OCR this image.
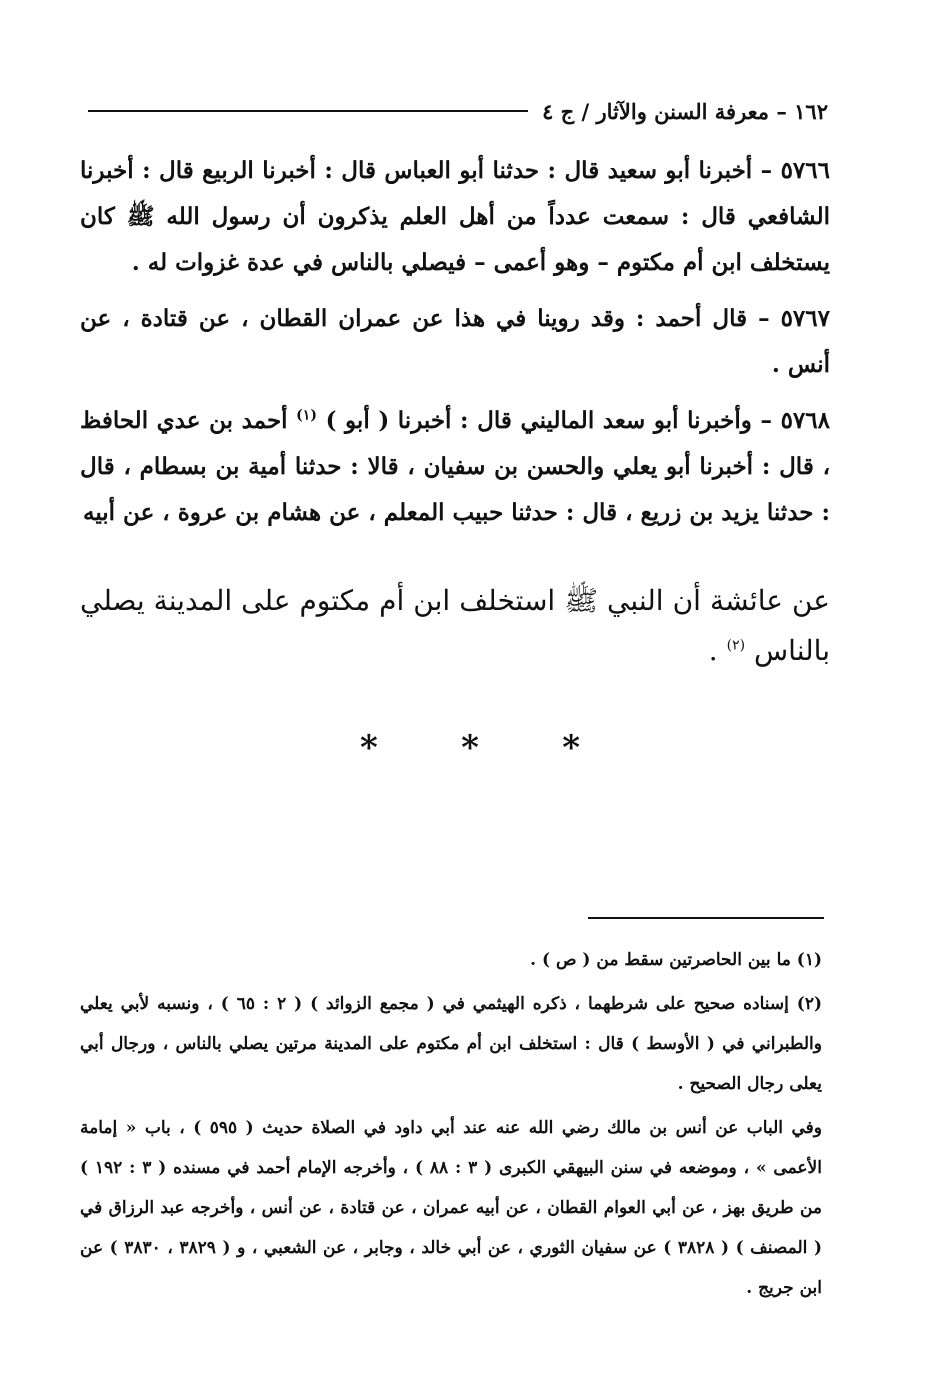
١٦٢ – معرفة السنن والآثار / ج ٤

٥٧٦٦ – أخبرنا أبو سعيد قال : حدثنا أبو العباس قال : أخبرنا الربيع قال : أخبرنا الشافعي قال : سمعت عدداً من أهل العلم يذكرون أن رسول الله ﷺ كان يستخلف ابن أم مكتوم – وهو أعمى – فيصلي بالناس في عدة غزوات له .

٥٧٦٧ – قال أحمد : وقد روينا في هذا عن عمران القطان ، عن قتادة ، عن أنس .

٥٧٦٨ – وأخبرنا أبو سعد الماليني قال : أخبرنا ( أبو ) $^{(١)}$ أحمد بن عدي الحافظ ، قال : أخبرنا أبو يعلي والحسن بن سفيان ، قالا : حدثنا أمية بن بسطام ، قال : حدثنا يزيد بن زريع ، قال : حدثنا حبيب المعلم ، عن هشام بن عروة ، عن أبيه

عن عائشة أن النبي ﷺ استخلف ابن أم مكتوم على المدينة يصلي بالناس $^{(٢)}$ .

* * *

(١) ما بين الحاصرتين سقط من ( ص ) .

(٢) إسناده صحيح على شرطهما ، ذكره الهيثمي في ( مجمع الزوائد ) ( ٢ : ٦٥ ) ، ونسبه لأبي يعلي والطبراني في ( الأوسط ) قال : استخلف ابن أم مكتوم على المدينة مرتين يصلي بالناس ، ورجال أبي يعلى رجال الصحيح .

وفي الباب عن أنس بن مالك رضي الله عنه عند أبي داود في الصلاة حديث ( ٥٩٥ ) ، باب « إمامة الأعمى » ، وموضعه في سنن البيهقي الكبرى ( ٣ : ٨٨ ) ، وأخرجه الإمام أحمد في مسنده ( ٣ : ١٩٢ ) من طريق بهز ، عن أبي العوام القطان ، عن أبيه عمران ، عن قتادة ، عن أنس ، وأخرجه عبد الرزاق في ( المصنف ) ( ٣٨٢٨ ) عن سفيان الثوري ، عن أبي خالد ، وجابر ، عن الشعبي ، و ( ٣٨٢٩ ، ٣٨٣٠ ) عن ابن جريج .
